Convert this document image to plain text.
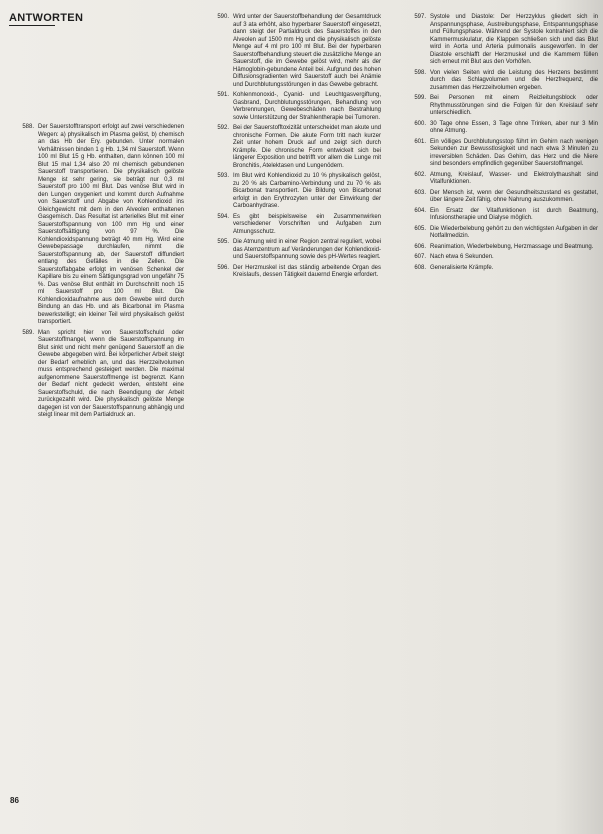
ANTWORTEN
588. Der Sauerstofftransport erfolgt auf zwei verschiedenen Wegen: a) physikalisch im Plasma gelöst, b) chemisch an das Hb der Ery. gebunden. Unter normalen Verhältnissen binden 1 g Hb. 1,34 ml Sauerstoff. Wenn 100 ml Blut 15 g Hb. enthalten, dann können 100 ml Blut 15 mal 1,34 also 20 ml chemisch gebundenen Sauerstoff transportieren. Die physikalisch gelöste Menge ist sehr gering, sie beträgt nur 0,3 ml Sauerstoff pro 100 ml Blut. Das venöse Blut wird in den Lungen oxygeniert und kommt durch Aufnahme von Sauerstoff und Abgabe von Kohlendioxid ins Gleichgewicht mit dem in den Alveolen enthaltenen Gasgemisch. Das Resultat ist arterielles Blut mit einer Sauerstoffspannung von 100 mm Hg und einer Sauerstoffsättigung von 97 %. Die Kohlendioxidspannung beträgt 40 mm Hg. Wird eine Gewebepassage durchlaufen, nimmt die Sauerstoffspannung ab, der Sauerstoff diffundiert entlang des Gefälles in die Zellen. Die Sauerstoffabgabe erfolgt im venösen Schenkel der Kapillare bis zu einem Sättigungsgrad von ungefähr 75 %. Das venöse Blut enthält im Durchschnitt noch 15 ml Sauerstoff pro 100 ml Blut. Die Kohlendioxidaufnahme aus dem Gewebe wird durch Bindung an das Hb. und als Bicarbonat im Plasma bewerkstelligt; ein kleiner Teil wird physikalisch gelöst transportiert.
589. Man spricht hier von Sauerstoffschuld oder Sauerstoffmangel, wenn die Sauerstoffspannung im Blut sinkt und nicht mehr genügend Sauerstoff an die Gewebe abgegeben wird. Bei körperlicher Arbeit steigt der Bedarf erheblich an, und das Herzzeitvolumen muss entsprechend gesteigert werden. Die maximal aufgenommene Sauerstoffmenge ist begrenzt. Kann der Bedarf nicht gedeckt werden, entsteht eine Sauerstoffschuld, die nach Beendigung der Arbeit zurückgezahlt wird. Die physikalisch gelöste Menge dagegen ist von der Sauerstoffspannung abhängig und steigt linear mit dem Partialdruck an.
590. Wird unter der Sauerstoffbehandlung der Gesamtdruck auf 3 ata erhöht, also hyperbarer Sauerstoff eingesetzt, dann steigt der Partialdruck des Sauerstoffes in den Alveolen auf 1500 mm Hg und die physikalisch gelöste Menge auf 4 ml pro 100 ml Blut. Bei der hyperbaren Sauerstoffbehandlung steuert die zusätzliche Menge an Sauerstoff, die im Gewebe gelöst wird, mehr als der Hämoglobin-gebundene Anteil bei. Aufgrund des hohen Diffusionsgradienten wird Sauerstoff auch bei Anämie und Durchblutungsstörungen in das Gewebe gebracht.
591. Kohlenmonoxid-, Cyanid- und Leuchtgasvergiftung, Gasbrand, Durchblutungsstörungen, Behandlung von Verbrennungen, Gewebeschäden nach Bestrahlung sowie Unterstützung der Strahlentherapie bei Tumoren.
592. Bei der Sauerstofftoxizität unterscheidet man akute und chronische Formen. Die akute Form tritt nach kurzer Zeit unter hohem Druck auf und zeigt sich durch Krämpfe. Die chronische Form entwickelt sich bei längerer Exposition und betrifft vor allem die Lunge mit Bronchitis, Atelektasen und Lungenödem.
593. Im Blut wird Kohlendioxid zu 10 % physikalisch gelöst, zu 20 % als Carbamino-Verbindung und zu 70 % als Bicarbonat transportiert. Die Bildung von Bicarbonat erfolgt in den Erythrozyten unter der Einwirkung der Carboanhydrase.
594. Es gibt beispielsweise ein Zusammenwirken verschiedener Vorschriften und Aufgaben zum Atmungsschutz.
595. Die Atmung wird in einer Region zentral reguliert, wobei das Atemzentrum auf Veränderungen der Kohlendioxid- und Sauerstoffspannung sowie des pH-Wertes reagiert.
596. Der Herzmuskel ist das ständig arbeitende Organ des Kreislaufs, dessen Tätigkeit dauernd Energie erfordert.
597. Systole und Diastole: Der Herzzyklus gliedert sich in Anspannungsphase, Austreibungsphase, Entspannungsphase und Füllungsphase. Während der Systole kontrahiert sich die Kammermuskulatur, die Klappen schließen sich und das Blut wird in Aorta und Arteria pulmonalis ausgeworfen. In der Diastole erschlafft der Herzmuskel und die Kammern füllen sich erneut mit Blut aus den Vorhöfen.
598. Von vielen Seiten wird die Leistung des Herzens bestimmt durch das Schlagvolumen und die Herzfrequenz, die zusammen das Herzzeitvolumen ergeben.
599. Bei Personen mit einem Reizleitungsblock oder Rhythmusstörungen sind die Folgen für den Kreislauf sehr unterschiedlich.
600. 30 Tage ohne Essen, 3 Tage ohne Trinken, aber nur 3 Min ohne Atmung.
601. Ein völliges Durchblutungsstop führt im Gehirn nach wenigen Sekunden zur Bewusstlosigkeit und nach etwa 3 Minuten zu irreversiblen Schäden. Das Gehirn, das Herz und die Niere sind besonders empfindlich gegenüber Sauerstoffmangel.
602. Atmung, Kreislauf, Wasser- und Elektrolythaushalt sind Vitalfunktionen.
603. Der Mensch ist, wenn der Gesundheitszustand es gestattet, über längere Zeit fähig, ohne Nahrung auszukommen.
604. Ein Ersatz der Vitalfunktionen ist durch Beatmung, Infusionstherapie und Dialyse möglich.
605. Die Wiederbelebung gehört zu den wichtigsten Aufgaben in der Notfallmedizin.
606. Reanimation, Wiederbelebung, Herzmassage und Beatmung.
607. Nach etwa 6 Sekunden.
608. Generalisierte Krämpfe.
86
